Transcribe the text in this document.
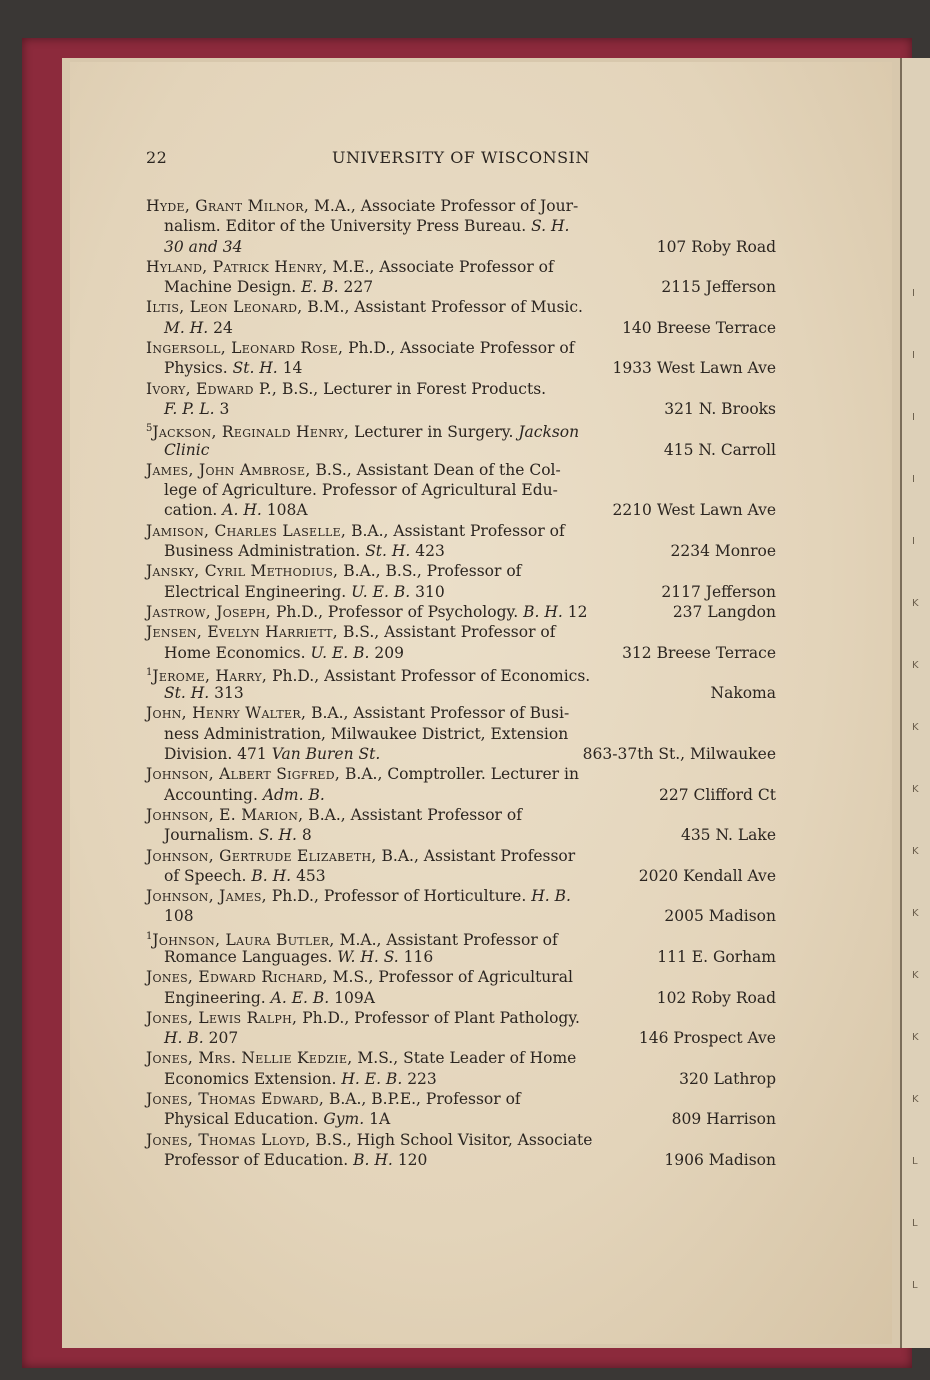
I
I
I
I
I
K
K
K
K
K
K
K
K
K
L
L
L
22	UNIVERSITY OF WISCONSIN
Hyde, Grant Milnor, M.A., Associate Professor of Jour-
nalism. Editor of the University Press Bureau. S. H.
30 and 34	107 Roby Road
Hyland, Patrick Henry, M.E., Associate Professor of
Machine Design. E. B. 227	2115 Jefferson
Iltis, Leon Leonard, B.M., Assistant Professor of Music.
M. H. 24	140 Breese Terrace
Ingersoll, Leonard Rose, Ph.D., Associate Professor of
Physics. St. H. 14	1933 West Lawn Ave
Ivory, Edward P., B.S., Lecturer in Forest Products.
F. P. L. 3	321 N. Brooks
$^5$Jackson, Reginald Henry, Lecturer in Surgery. Jackson
Clinic	415 N. Carroll
James, John Ambrose, B.S., Assistant Dean of the Col-
lege of Agriculture. Professor of Agricultural Edu-
cation. A. H. 108A	2210 West Lawn Ave
Jamison, Charles Laselle, B.A., Assistant Professor of
Business Administration. St. H. 423	2234 Monroe
Jansky, Cyril Methodius, B.A., B.S., Professor of
Electrical Engineering. U. E. B. 310	2117 Jefferson
Jastrow, Joseph, Ph.D., Professor of Psychology. B. H. 12	237 Langdon
Jensen, Evelyn Harriett, B.S., Assistant Professor of
Home Economics. U. E. B. 209	312 Breese Terrace
$^1$Jerome, Harry, Ph.D., Assistant Professor of Economics.
St. H. 313	Nakoma
John, Henry Walter, B.A., Assistant Professor of Busi-
ness Administration, Milwaukee District, Extension
Division. 471 Van Buren St.	863-37th St., Milwaukee
Johnson, Albert Sigfred, B.A., Comptroller. Lecturer in
Accounting. Adm. B.	227 Clifford Ct
Johnson, E. Marion, B.A., Assistant Professor of
Journalism. S. H. 8	435 N. Lake
Johnson, Gertrude Elizabeth, B.A., Assistant Professor
of Speech. B. H. 453	2020 Kendall Ave
Johnson, James, Ph.D., Professor of Horticulture. H. B.
108	2005 Madison
$^1$Johnson, Laura Butler, M.A., Assistant Professor of
Romance Languages. W. H. S. 116	111 E. Gorham
Jones, Edward Richard, M.S., Professor of Agricultural
Engineering. A. E. B. 109A	102 Roby Road
Jones, Lewis Ralph, Ph.D., Professor of Plant Pathology.
H. B. 207	146 Prospect Ave
Jones, Mrs. Nellie Kedzie, M.S., State Leader of Home
Economics Extension. H. E. B. 223	320 Lathrop
Jones, Thomas Edward, B.A., B.P.E., Professor of
Physical Education. Gym. 1A	809 Harrison
Jones, Thomas Lloyd, B.S., High School Visitor, Associate
Professor of Education. B. H. 120	1906 Madison
